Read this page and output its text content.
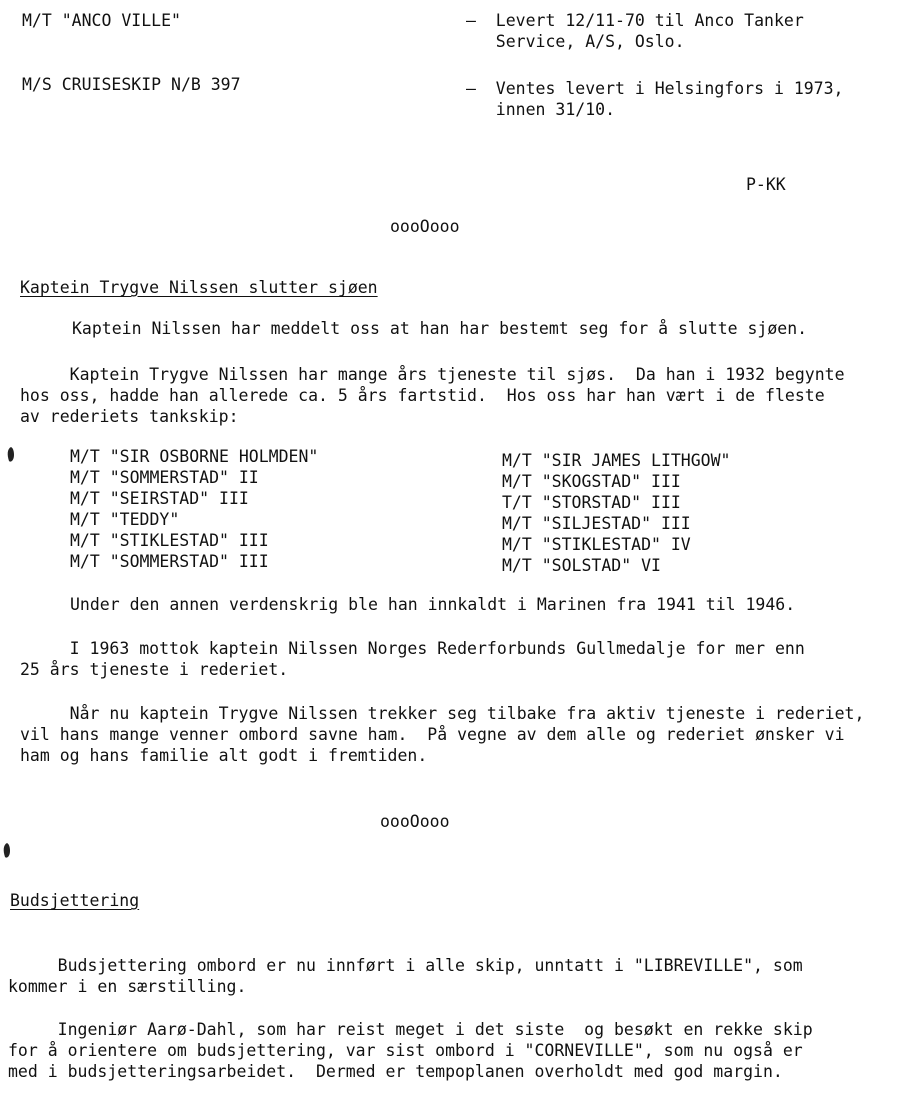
M/T "ANCO VILLE"	–  Levert 12/11-70 til Anco Tanker
Service, A/S, Oslo.
M/S CRUISESKIP N/B 397	–  Ventes levert i Helsingfors i 1973,
innen 31/10.
P-KK
oooOooo
Kaptein Trygve Nilssen slutter sjøen
Kaptein Nilssen har meddelt oss at han har bestemt seg for å slutte sjøen.
Kaptein Trygve Nilssen har mange års tjeneste til sjøs.  Da han i 1932 begynte
hos oss, hadde han allerede ca. 5 års fartstid.  Hos oss har han vært i de fleste
av rederiets tankskip:
M/T "SIR OSBORNE HOLMDEN"
M/T "SOMMERSTAD" II
M/T "SEIRSTAD" III
M/T "TEDDY"
M/T "STIKLESTAD" III
M/T "SOMMERSTAD" III
M/T "SIR JAMES LITHGOW"
M/T "SKOGSTAD" III
T/T "STORSTAD" III
M/T "SILJESTAD" III
M/T "STIKLESTAD" IV
M/T "SOLSTAD" VI
Under den annen verdenskrig ble han innkaldt i Marinen fra 1941 til 1946.
I 1963 mottok kaptein Nilssen Norges Rederforbunds Gullmedalje for mer enn
25 års tjeneste i rederiet.
Når nu kaptein Trygve Nilssen trekker seg tilbake fra aktiv tjeneste i rederiet,
vil hans mange venner ombord savne ham.  På vegne av dem alle og rederiet ønsker vi
ham og hans familie alt godt i fremtiden.
oooOooo
Budsjettering
Budsjettering ombord er nu innført i alle skip, unntatt i "LIBREVILLE", som
kommer i en særstilling.
Ingeniør Aarø-Dahl, som har reist meget i det siste  og besøkt en rekke skip
for å orientere om budsjettering, var sist ombord i "CORNEVILLE", som nu også er
med i budsjetteringsarbeidet.  Dermed er tempoplanen overholdt med god margin.
